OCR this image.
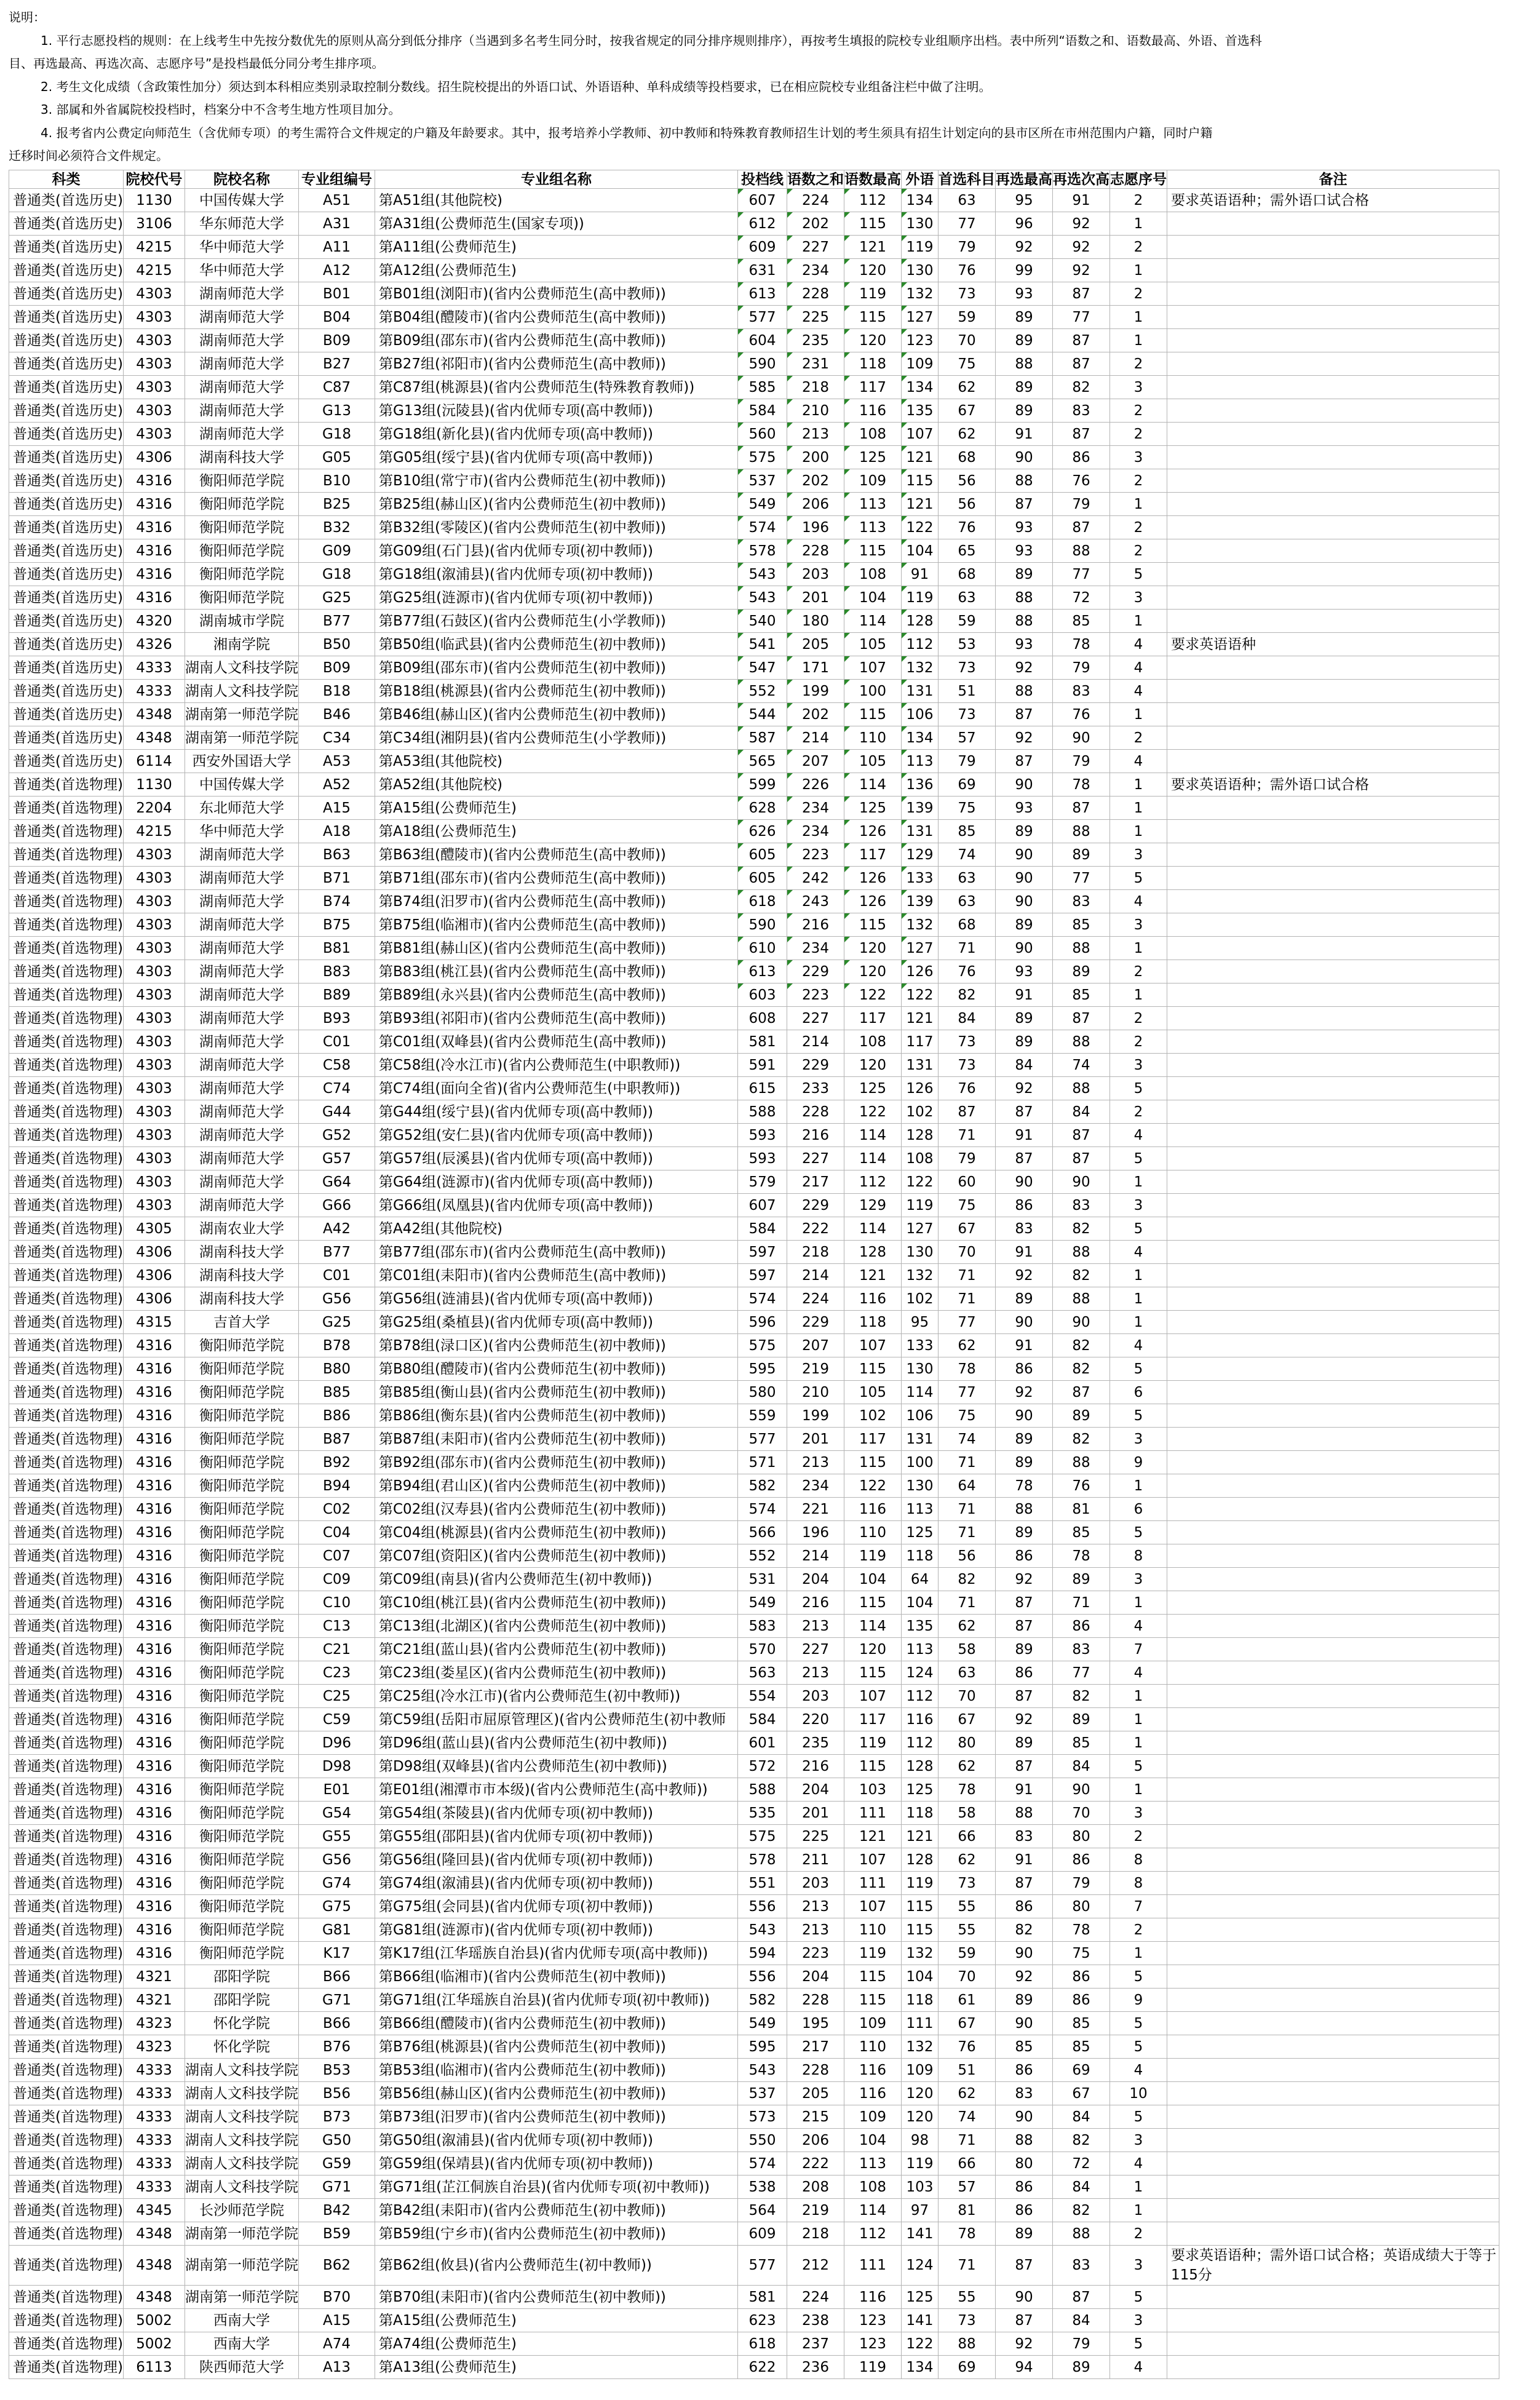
说明：

1. 平行志愿投档的规则：在上线考生中先按分数优先的原则从高分到低分排序（当遇到多名考生同分时，按我省规定的同分排序规则排序），再按考生填报的院校专业组顺序出档。表中所列“语数之和、语数最高、外语、首选科

目、再选最高、再选次高、志愿序号”是投档最低分同分考生排序项。

2. 考生文化成绩（含政策性加分）须达到本科相应类别录取控制分数线。招生院校提出的外语口试、外语语种、单科成绩等投档要求，已在相应院校专业组备注栏中做了注明。

3. 部属和外省属院校投档时，档案分中不含考生地方性项目加分。

4. 报考省内公费定向师范生（含优师专项）的考生需符合文件规定的户籍及年龄要求。其中，报考培养小学教师、初中教师和特殊教育教师招生计划的考生须具有招生计划定向的县市区所在市州范围内户籍，同时户籍

迁移时间必须符合文件规定。

科类	院校代号	院校名称	专业组编号	专业组名称	投档线	语数之和	语数最高	外语	首选科目	再选最高	再选次高	志愿序号	备注
普通类(首选历史)	1130	中国传媒大学	A51	第A51组(其他院校)	607	224	112	134	63	95	91	2	要求英语语种；需外语口试合格
普通类(首选历史)	3106	华东师范大学	A31	第A31组(公费师范生(国家专项))	612	202	115	130	77	96	92	1	
普通类(首选历史)	4215	华中师范大学	A11	第A11组(公费师范生)	609	227	121	119	79	92	92	2	
普通类(首选历史)	4215	华中师范大学	A12	第A12组(公费师范生)	631	234	120	130	76	99	92	1	
普通类(首选历史)	4303	湖南师范大学	B01	第B01组(浏阳市)(省内公费师范生(高中教师))	613	228	119	132	73	93	87	2	
普通类(首选历史)	4303	湖南师范大学	B04	第B04组(醴陵市)(省内公费师范生(高中教师))	577	225	115	127	59	89	77	1	
普通类(首选历史)	4303	湖南师范大学	B09	第B09组(邵东市)(省内公费师范生(高中教师))	604	235	120	123	70	89	87	1	
普通类(首选历史)	4303	湖南师范大学	B27	第B27组(祁阳市)(省内公费师范生(高中教师))	590	231	118	109	75	88	87	2	
普通类(首选历史)	4303	湖南师范大学	C87	第C87组(桃源县)(省内公费师范生(特殊教育教师))	585	218	117	134	62	89	82	3	
普通类(首选历史)	4303	湖南师范大学	G13	第G13组(沅陵县)(省内优师专项(高中教师))	584	210	116	135	67	89	83	2	
普通类(首选历史)	4303	湖南师范大学	G18	第G18组(新化县)(省内优师专项(高中教师))	560	213	108	107	62	91	87	2	
普通类(首选历史)	4306	湖南科技大学	G05	第G05组(绥宁县)(省内优师专项(高中教师))	575	200	125	121	68	90	86	3	
普通类(首选历史)	4316	衡阳师范学院	B10	第B10组(常宁市)(省内公费师范生(初中教师))	537	202	109	115	56	88	76	2	
普通类(首选历史)	4316	衡阳师范学院	B25	第B25组(赫山区)(省内公费师范生(初中教师))	549	206	113	121	56	87	79	1	
普通类(首选历史)	4316	衡阳师范学院	B32	第B32组(零陵区)(省内公费师范生(初中教师))	574	196	113	122	76	93	87	2	
普通类(首选历史)	4316	衡阳师范学院	G09	第G09组(石门县)(省内优师专项(初中教师))	578	228	115	104	65	93	88	2	
普通类(首选历史)	4316	衡阳师范学院	G18	第G18组(溆浦县)(省内优师专项(初中教师))	543	203	108	91	68	89	77	5	
普通类(首选历史)	4316	衡阳师范学院	G25	第G25组(涟源市)(省内优师专项(初中教师))	543	201	104	119	63	88	72	3	
普通类(首选历史)	4320	湖南城市学院	B77	第B77组(石鼓区)(省内公费师范生(小学教师))	540	180	114	128	59	88	85	1	
普通类(首选历史)	4326	湘南学院	B50	第B50组(临武县)(省内公费师范生(初中教师))	541	205	105	112	53	93	78	4	要求英语语种
普通类(首选历史)	4333	湖南人文科技学院	B09	第B09组(邵东市)(省内公费师范生(初中教师))	547	171	107	132	73	92	79	4	
普通类(首选历史)	4333	湖南人文科技学院	B18	第B18组(桃源县)(省内公费师范生(初中教师))	552	199	100	131	51	88	83	4	
普通类(首选历史)	4348	湖南第一师范学院	B46	第B46组(赫山区)(省内公费师范生(初中教师))	544	202	115	106	73	87	76	1	
普通类(首选历史)	4348	湖南第一师范学院	C34	第C34组(湘阴县)(省内公费师范生(小学教师))	587	214	110	134	57	92	90	2	
普通类(首选历史)	6114	西安外国语大学	A53	第A53组(其他院校)	565	207	105	113	79	87	79	4	
普通类(首选物理)	1130	中国传媒大学	A52	第A52组(其他院校)	599	226	114	136	69	90	78	1	要求英语语种；需外语口试合格
普通类(首选物理)	2204	东北师范大学	A15	第A15组(公费师范生)	628	234	125	139	75	93	87	1	
普通类(首选物理)	4215	华中师范大学	A18	第A18组(公费师范生)	626	234	126	131	85	89	88	1	
普通类(首选物理)	4303	湖南师范大学	B63	第B63组(醴陵市)(省内公费师范生(高中教师))	605	223	117	129	74	90	89	3	
普通类(首选物理)	4303	湖南师范大学	B71	第B71组(邵东市)(省内公费师范生(高中教师))	605	242	126	133	63	90	77	5	
普通类(首选物理)	4303	湖南师范大学	B74	第B74组(汨罗市)(省内公费师范生(高中教师))	618	243	126	139	63	90	83	4	
普通类(首选物理)	4303	湖南师范大学	B75	第B75组(临湘市)(省内公费师范生(高中教师))	590	216	115	132	68	89	85	3	
普通类(首选物理)	4303	湖南师范大学	B81	第B81组(赫山区)(省内公费师范生(高中教师))	610	234	120	127	71	90	88	1	
普通类(首选物理)	4303	湖南师范大学	B83	第B83组(桃江县)(省内公费师范生(高中教师))	613	229	120	126	76	93	89	2	
普通类(首选物理)	4303	湖南师范大学	B89	第B89组(永兴县)(省内公费师范生(高中教师))	603	223	122	122	82	91	85	1	
普通类(首选物理)	4303	湖南师范大学	B93	第B93组(祁阳市)(省内公费师范生(高中教师))	608	227	117	121	84	89	87	2	
普通类(首选物理)	4303	湖南师范大学	C01	第C01组(双峰县)(省内公费师范生(高中教师))	581	214	108	117	73	89	88	2	
普通类(首选物理)	4303	湖南师范大学	C58	第C58组(冷水江市)(省内公费师范生(中职教师))	591	229	120	131	73	84	74	3	
普通类(首选物理)	4303	湖南师范大学	C74	第C74组(面向全省)(省内公费师范生(中职教师))	615	233	125	126	76	92	88	5	
普通类(首选物理)	4303	湖南师范大学	G44	第G44组(绥宁县)(省内优师专项(高中教师))	588	228	122	102	87	87	84	2	
普通类(首选物理)	4303	湖南师范大学	G52	第G52组(安仁县)(省内优师专项(高中教师))	593	216	114	128	71	91	87	4	
普通类(首选物理)	4303	湖南师范大学	G57	第G57组(辰溪县)(省内优师专项(高中教师))	593	227	114	108	79	87	87	5	
普通类(首选物理)	4303	湖南师范大学	G64	第G64组(涟源市)(省内优师专项(高中教师))	579	217	112	122	60	90	90	1	
普通类(首选物理)	4303	湖南师范大学	G66	第G66组(凤凰县)(省内优师专项(高中教师))	607	229	129	119	75	86	83	3	
普通类(首选物理)	4305	湖南农业大学	A42	第A42组(其他院校)	584	222	114	127	67	83	82	5	
普通类(首选物理)	4306	湖南科技大学	B77	第B77组(邵东市)(省内公费师范生(高中教师))	597	218	128	130	70	91	88	4	
普通类(首选物理)	4306	湖南科技大学	C01	第C01组(耒阳市)(省内公费师范生(高中教师))	597	214	121	132	71	92	82	1	
普通类(首选物理)	4306	湖南科技大学	G56	第G56组(涟浦县)(省内优师专项(高中教师))	574	224	116	102	71	89	88	1	
普通类(首选物理)	4315	吉首大学	G25	第G25组(桑植县)(省内优师专项(高中教师))	596	229	118	95	77	90	90	1	
普通类(首选物理)	4316	衡阳师范学院	B78	第B78组(渌口区)(省内公费师范生(初中教师))	575	207	107	133	62	91	82	4	
普通类(首选物理)	4316	衡阳师范学院	B80	第B80组(醴陵市)(省内公费师范生(初中教师))	595	219	115	130	78	86	82	5	
普通类(首选物理)	4316	衡阳师范学院	B85	第B85组(衡山县)(省内公费师范生(初中教师))	580	210	105	114	77	92	87	6	
普通类(首选物理)	4316	衡阳师范学院	B86	第B86组(衡东县)(省内公费师范生(初中教师))	559	199	102	106	75	90	89	5	
普通类(首选物理)	4316	衡阳师范学院	B87	第B87组(耒阳市)(省内公费师范生(初中教师))	577	201	117	131	74	89	82	3	
普通类(首选物理)	4316	衡阳师范学院	B92	第B92组(邵东市)(省内公费师范生(初中教师))	571	213	115	100	71	89	88	9	
普通类(首选物理)	4316	衡阳师范学院	B94	第B94组(君山区)(省内公费师范生(初中教师))	582	234	122	130	64	78	76	1	
普通类(首选物理)	4316	衡阳师范学院	C02	第C02组(汉寿县)(省内公费师范生(初中教师))	574	221	116	113	71	88	81	6	
普通类(首选物理)	4316	衡阳师范学院	C04	第C04组(桃源县)(省内公费师范生(初中教师))	566	196	110	125	71	89	85	5	
普通类(首选物理)	4316	衡阳师范学院	C07	第C07组(资阳区)(省内公费师范生(初中教师))	552	214	119	118	56	86	78	8	
普通类(首选物理)	4316	衡阳师范学院	C09	第C09组(南县)(省内公费师范生(初中教师))	531	204	104	64	82	92	89	3	
普通类(首选物理)	4316	衡阳师范学院	C10	第C10组(桃江县)(省内公费师范生(初中教师))	549	216	115	104	71	87	71	1	
普通类(首选物理)	4316	衡阳师范学院	C13	第C13组(北湖区)(省内公费师范生(初中教师))	583	213	114	135	62	87	86	4	
普通类(首选物理)	4316	衡阳师范学院	C21	第C21组(蓝山县)(省内公费师范生(初中教师))	570	227	120	113	58	89	83	7	
普通类(首选物理)	4316	衡阳师范学院	C23	第C23组(娄星区)(省内公费师范生(初中教师))	563	213	115	124	63	86	77	4	
普通类(首选物理)	4316	衡阳师范学院	C25	第C25组(冷水江市)(省内公费师范生(初中教师))	554	203	107	112	70	87	82	1	
普通类(首选物理)	4316	衡阳师范学院	C59	第C59组(岳阳市屈原管理区)(省内公费师范生(初中教师	584	220	117	116	67	92	89	1	
普通类(首选物理)	4316	衡阳师范学院	D96	第D96组(蓝山县)(省内公费师范生(初中教师))	601	235	119	112	80	89	85	1	
普通类(首选物理)	4316	衡阳师范学院	D98	第D98组(双峰县)(省内公费师范生(初中教师))	572	216	115	128	62	87	84	5	
普通类(首选物理)	4316	衡阳师范学院	E01	第E01组(湘潭市市本级)(省内公费师范生(高中教师))	588	204	103	125	78	91	90	1	
普通类(首选物理)	4316	衡阳师范学院	G54	第G54组(茶陵县)(省内优师专项(初中教师))	535	201	111	118	58	88	70	3	
普通类(首选物理)	4316	衡阳师范学院	G55	第G55组(邵阳县)(省内优师专项(初中教师))	575	225	121	121	66	83	80	2	
普通类(首选物理)	4316	衡阳师范学院	G56	第G56组(隆回县)(省内优师专项(初中教师))	578	211	107	128	62	91	86	8	
普通类(首选物理)	4316	衡阳师范学院	G74	第G74组(溆浦县)(省内优师专项(初中教师))	551	203	111	119	73	87	79	8	
普通类(首选物理)	4316	衡阳师范学院	G75	第G75组(会同县)(省内优师专项(初中教师))	556	213	107	115	55	86	80	7	
普通类(首选物理)	4316	衡阳师范学院	G81	第G81组(涟源市)(省内优师专项(初中教师))	543	213	110	115	55	82	78	2	
普通类(首选物理)	4316	衡阳师范学院	K17	第K17组(江华瑶族自治县)(省内优师专项(高中教师))	594	223	119	132	59	90	75	1	
普通类(首选物理)	4321	邵阳学院	B66	第B66组(临湘市)(省内公费师范生(初中教师))	556	204	115	104	70	92	86	5	
普通类(首选物理)	4321	邵阳学院	G71	第G71组(江华瑶族自治县)(省内优师专项(初中教师))	582	228	115	118	61	89	86	9	
普通类(首选物理)	4323	怀化学院	B66	第B66组(醴陵市)(省内公费师范生(初中教师))	549	195	109	111	67	90	85	5	
普通类(首选物理)	4323	怀化学院	B76	第B76组(桃源县)(省内公费师范生(初中教师))	595	217	110	132	76	85	85	5	
普通类(首选物理)	4333	湖南人文科技学院	B53	第B53组(临湘市)(省内公费师范生(初中教师))	543	228	116	109	51	86	69	4	
普通类(首选物理)	4333	湖南人文科技学院	B56	第B56组(赫山区)(省内公费师范生(初中教师))	537	205	116	120	62	83	67	10	
普通类(首选物理)	4333	湖南人文科技学院	B73	第B73组(汨罗市)(省内公费师范生(初中教师))	573	215	109	120	74	90	84	5	
普通类(首选物理)	4333	湖南人文科技学院	G50	第G50组(溆浦县)(省内优师专项(初中教师))	550	206	104	98	71	88	82	3	
普通类(首选物理)	4333	湖南人文科技学院	G59	第G59组(保靖县)(省内优师专项(初中教师))	574	222	113	119	66	80	72	4	
普通类(首选物理)	4333	湖南人文科技学院	G71	第G71组(芷江侗族自治县)(省内优师专项(初中教师))	538	208	108	103	57	86	84	1	
普通类(首选物理)	4345	长沙师范学院	B42	第B42组(耒阳市)(省内公费师范生(初中教师))	564	219	114	97	81	86	82	1	
普通类(首选物理)	4348	湖南第一师范学院	B59	第B59组(宁乡市)(省内公费师范生(初中教师))	609	218	112	141	78	89	88	2	
普通类(首选物理)	4348	湖南第一师范学院	B62	第B62组(攸县)(省内公费师范生(初中教师))	577	212	111	124	71	87	83	3	要求英语语种；需外语口试合格；英语成绩大于等于115分
普通类(首选物理)	4348	湖南第一师范学院	B70	第B70组(耒阳市)(省内公费师范生(初中教师))	581	224	116	125	55	90	87	5	
普通类(首选物理)	5002	西南大学	A15	第A15组(公费师范生)	623	238	123	141	73	87	84	3	
普通类(首选物理)	5002	西南大学	A74	第A74组(公费师范生)	618	237	123	122	88	92	79	5	
普通类(首选物理)	6113	陕西师范大学	A13	第A13组(公费师范生)	622	236	119	134	69	94	89	4	
